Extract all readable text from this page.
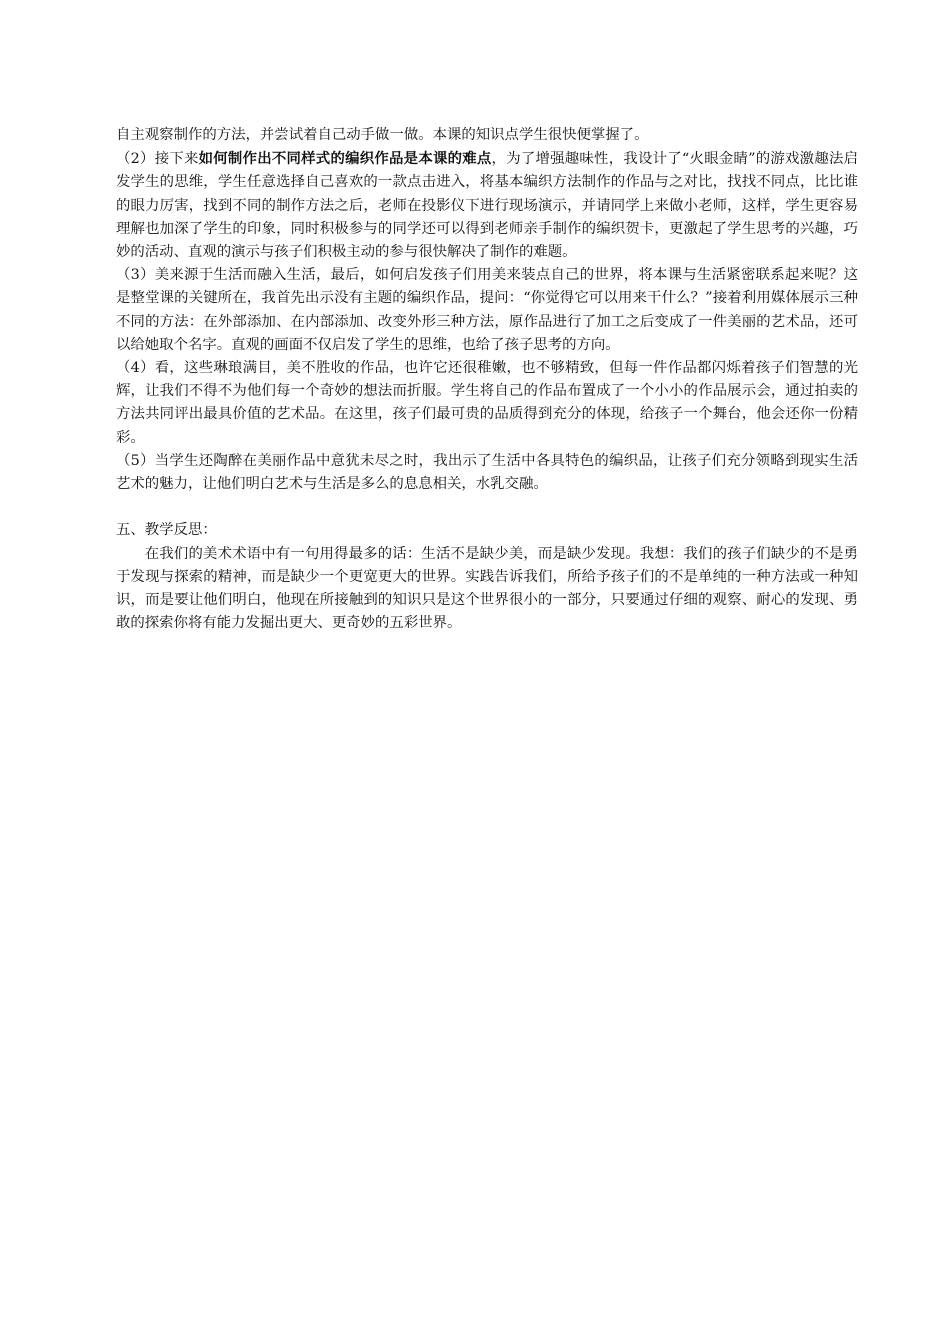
自主观察制作的方法，并尝试着自己动手做一做。本课的知识点学生很快便掌握了。

（2）接下来如何制作出不同样式的编织作品是本课的难点，为了增强趣味性，我设计了“火眼金睛”的游戏激趣法启发学生的思维，学生任意选择自己喜欢的一款点击进入，将基本编织方法制作的作品与之对比，找找不同点，比比谁的眼力厉害，找到不同的制作方法之后，老师在投影仪下进行现场演示，并请同学上来做小老师，这样，学生更容易理解也加深了学生的印象，同时积极参与的同学还可以得到老师亲手制作的编织贺卡，更激起了学生思考的兴趣，巧妙的活动、直观的演示与孩子们积极主动的参与很快解决了制作的难题。

（3）美来源于生活而融入生活，最后，如何启发孩子们用美来装点自己的世界，将本课与生活紧密联系起来呢？这是整堂课的关键所在，我首先出示没有主题的编织作品，提问：“你觉得它可以用来干什么？”接着利用媒体展示三种不同的方法：在外部添加、在内部添加、改变外形三种方法，原作品进行了加工之后变成了一件美丽的艺术品，还可以给她取个名字。直观的画面不仅启发了学生的思维，也给了孩子思考的方向。

（4）看，这些琳琅满目，美不胜收的作品，也许它还很稚嫩，也不够精致，但每一件作品都闪烁着孩子们智慧的光辉，让我们不得不为他们每一个奇妙的想法而折服。学生将自己的作品布置成了一个小小的作品展示会，通过拍卖的方法共同评出最具价值的艺术品。在这里，孩子们最可贵的品质得到充分的体现，给孩子一个舞台，他会还你一份精彩。

（5）当学生还陶醉在美丽作品中意犹未尽之时，我出示了生活中各具特色的编织品，让孩子们充分领略到现实生活艺术的魅力，让他们明白艺术与生活是多么的息息相关，水乳交融。

五、教学反思：

在我们的美术术语中有一句用得最多的话：生活不是缺少美，而是缺少发现。我想：我们的孩子们缺少的不是勇于发现与探索的精神，而是缺少一个更宽更大的世界。实践告诉我们，所给予孩子们的不是单纯的一种方法或一种知识，而是要让他们明白，他现在所接触到的知识只是这个世界很小的一部分，只要通过仔细的观察、耐心的发现、勇敢的探索你将有能力发掘出更大、更奇妙的五彩世界。
